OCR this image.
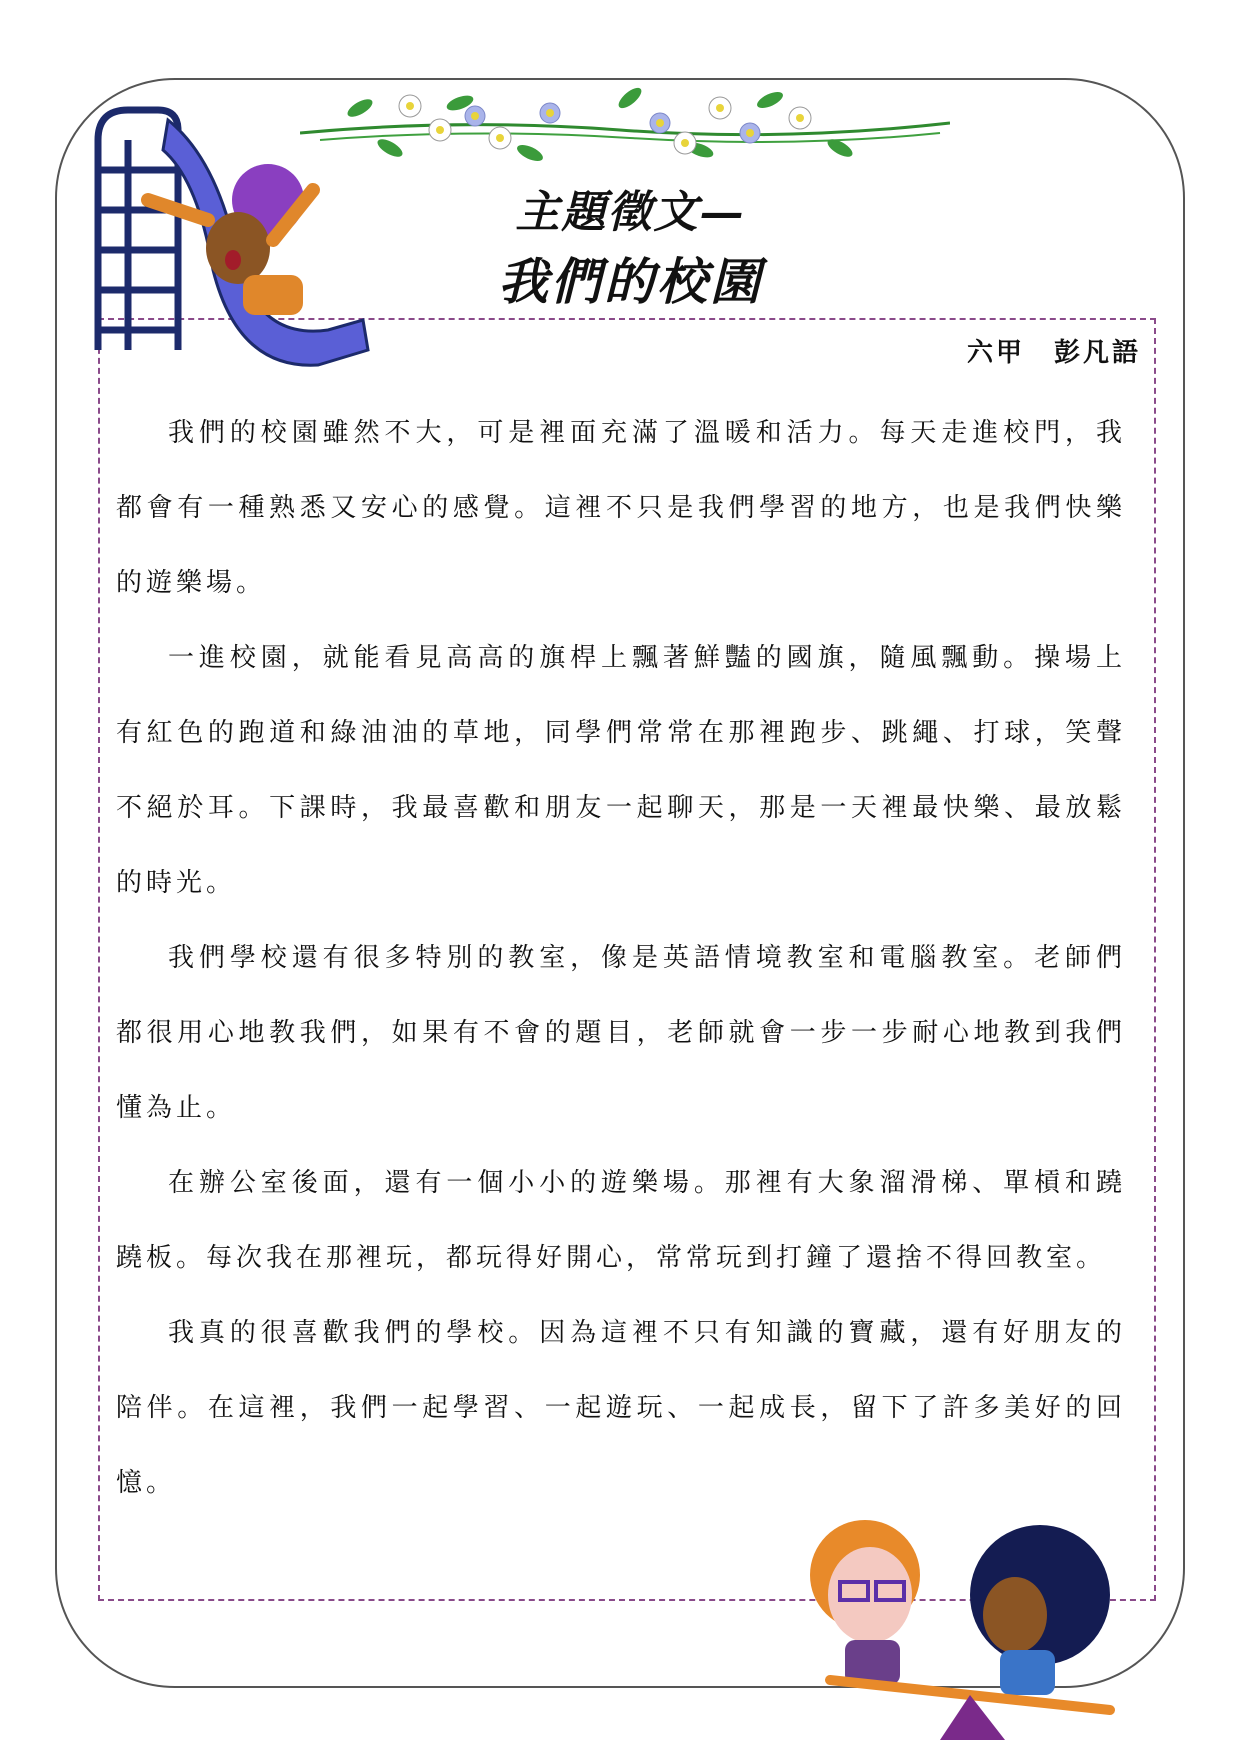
主題徵文—
我們的校園
六甲　彭凡語

我們的校園雖然不大，可是裡面充滿了溫暖和活力。每天走進校門，我都會有一種熟悉又安心的感覺。這裡不只是我們學習的地方，也是我們快樂的遊樂場。

一進校園，就能看見高高的旗桿上飄著鮮豔的國旗，隨風飄動。操場上有紅色的跑道和綠油油的草地，同學們常常在那裡跑步、跳繩、打球，笑聲不絕於耳。下課時，我最喜歡和朋友一起聊天，那是一天裡最快樂、最放鬆的時光。

我們學校還有很多特別的教室，像是英語情境教室和電腦教室。老師們都很用心地教我們，如果有不會的題目，老師就會一步一步耐心地教到我們懂為止。

在辦公室後面，還有一個小小的遊樂場。那裡有大象溜滑梯、單槓和蹺蹺板。每次我在那裡玩，都玩得好開心，常常玩到打鐘了還捨不得回教室。

我真的很喜歡我們的學校。因為這裡不只有知識的寶藏，還有好朋友的陪伴。在這裡，我們一起學習、一起遊玩、一起成長，留下了許多美好的回憶。
